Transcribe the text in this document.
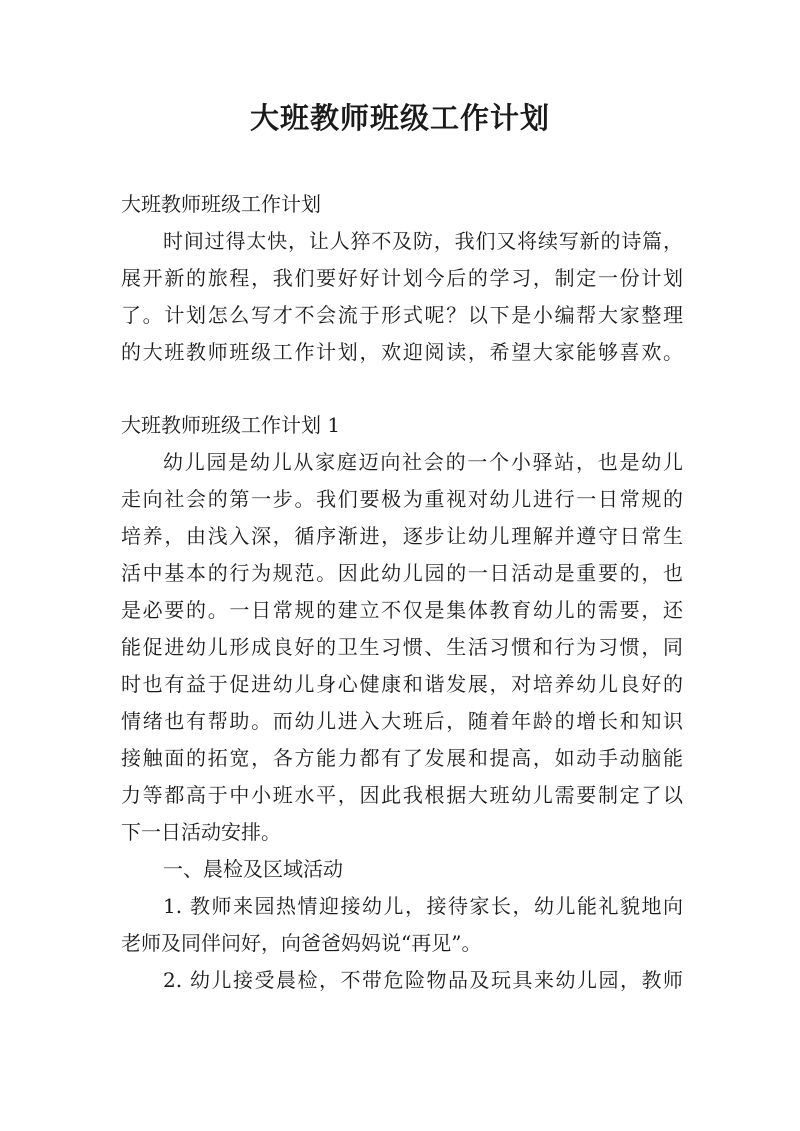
大班教师班级工作计划

大班教师班级工作计划

时间过得太快，让人猝不及防，我们又将续写新的诗篇，

展开新的旅程，我们要好好计划今后的学习，制定一份计划

了。计划怎么写才不会流于形式呢？以下是小编帮大家整理

的大班教师班级工作计划，欢迎阅读，希望大家能够喜欢。

大班教师班级工作计划 1

幼儿园是幼儿从家庭迈向社会的一个小驿站，也是幼儿

走向社会的第一步。我们要极为重视对幼儿进行一日常规的

培养，由浅入深，循序渐进，逐步让幼儿理解并遵守日常生

活中基本的行为规范。因此幼儿园的一日活动是重要的，也

是必要的。一日常规的建立不仅是集体教育幼儿的需要，还

能促进幼儿形成良好的卫生习惯、生活习惯和行为习惯，同

时也有益于促进幼儿身心健康和谐发展，对培养幼儿良好的

情绪也有帮助。而幼儿进入大班后，随着年龄的增长和知识

接触面的拓宽，各方能力都有了发展和提高，如动手动脑能

力等都高于中小班水平，因此我根据大班幼儿需要制定了以

下一日活动安排。

一、晨检及区域活动

1. 教师来园热情迎接幼儿，接待家长，幼儿能礼貌地向

老师及同伴问好，向爸爸妈妈说“再见”。

2. 幼儿接受晨检，不带危险物品及玩具来幼儿园，教师
